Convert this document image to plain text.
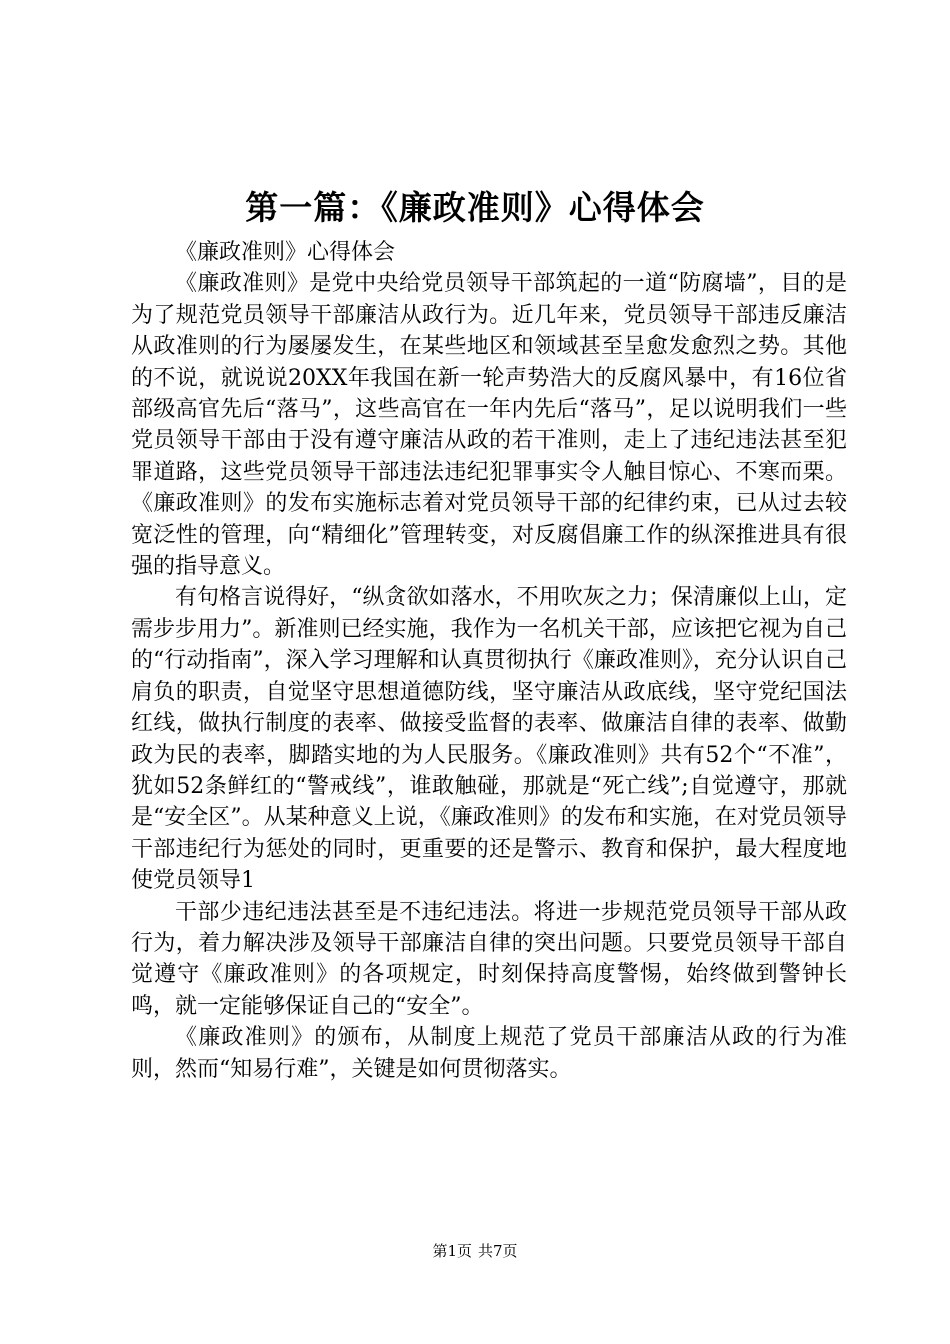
第一篇：《廉政准则》心得体会

《廉政准则》心得体会

《廉政准则》是党中央给党员领导干部筑起的一道“防腐墙”，目的是为了规范党员领导干部廉洁从政行为。近几年来，党员领导干部违反廉洁从政准则的行为屡屡发生，在某些地区和领域甚至呈愈发愈烈之势。其他的不说，就说说20XX年我国在新一轮声势浩大的反腐风暴中，有16位省部级高官先后“落马”，这些高官在一年内先后“落马”，足以说明我们一些党员领导干部由于没有遵守廉洁从政的若干准则，走上了违纪违法甚至犯罪道路，这些党员领导干部违法违纪犯罪事实令人触目惊心、不寒而栗。《廉政准则》的发布实施标志着对党员领导干部的纪律约束，已从过去较宽泛性的管理，向“精细化”管理转变，对反腐倡廉工作的纵深推进具有很强的指导意义。

有句格言说得好，“纵贪欲如落水，不用吹灰之力；保清廉似上山，定需步步用力”。新准则已经实施，我作为一名机关干部，应该把它视为自己的“行动指南”，深入学习理解和认真贯彻执行《廉政准则》，充分认识自己肩负的职责，自觉坚守思想道德防线，坚守廉洁从政底线，坚守党纪国法红线，做执行制度的表率、做接受监督的表率、做廉洁自律的表率、做勤政为民的表率，脚踏实地的为人民服务。《廉政准则》共有52个“不准”，犹如52条鲜红的“警戒线”，谁敢触碰，那就是“死亡线”;自觉遵守，那就是“安全区”。从某种意义上说，《廉政准则》的发布和实施，在对党员领导干部违纪行为惩处的同时，更重要的还是警示、教育和保护，最大程度地使党员领导1

干部少违纪违法甚至是不违纪违法。将进一步规范党员领导干部从政行为，着力解决涉及领导干部廉洁自律的突出问题。只要党员领导干部自觉遵守《廉政准则》的各项规定，时刻保持高度警惕，始终做到警钟长鸣，就一定能够保证自己的“安全”。

《廉政准则》的颁布，从制度上规范了党员干部廉洁从政的行为准则，然而“知易行难”，关键是如何贯彻落实。

第1页 共7页
